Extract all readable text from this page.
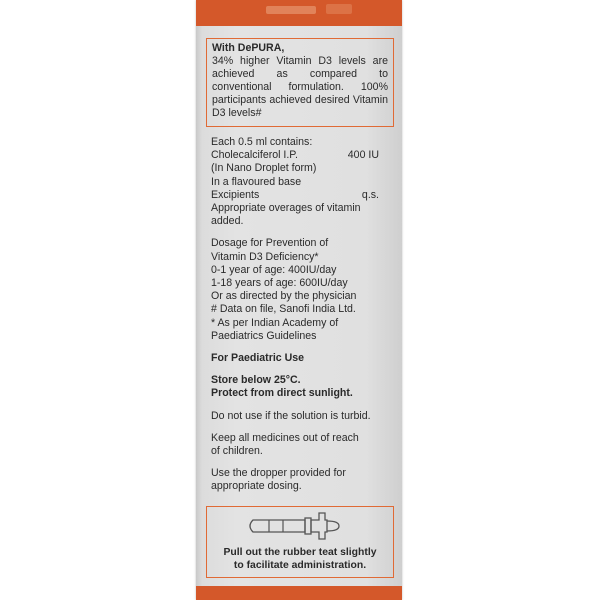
With DePURA,
34% higher Vitamin D3 levels are achieved as compared to conventional formulation. 100% participants achieved desired Vitamin D3 levels#
Each 0.5 ml contains:
Cholecalciferol I.P.	400 IU
(In Nano Droplet form)
In a flavoured base
Excipients	q.s.
Appropriate overages of vitamin
added.
Dosage for Prevention of
Vitamin D3 Deficiency*
0-1 year of age: 400IU/day
1-18 years of age: 600IU/day
Or as directed by the physician
# Data on file, Sanofi India Ltd.
* As per Indian Academy of
Paediatrics Guidelines
For Paediatric Use
Store below 25°C.
Protect from direct sunlight.
Do not use if the solution is turbid.
Keep all medicines out of reach
of children.
Use the dropper provided for
appropriate dosing.
Pull out the rubber teat slightly
to facilitate administration.
